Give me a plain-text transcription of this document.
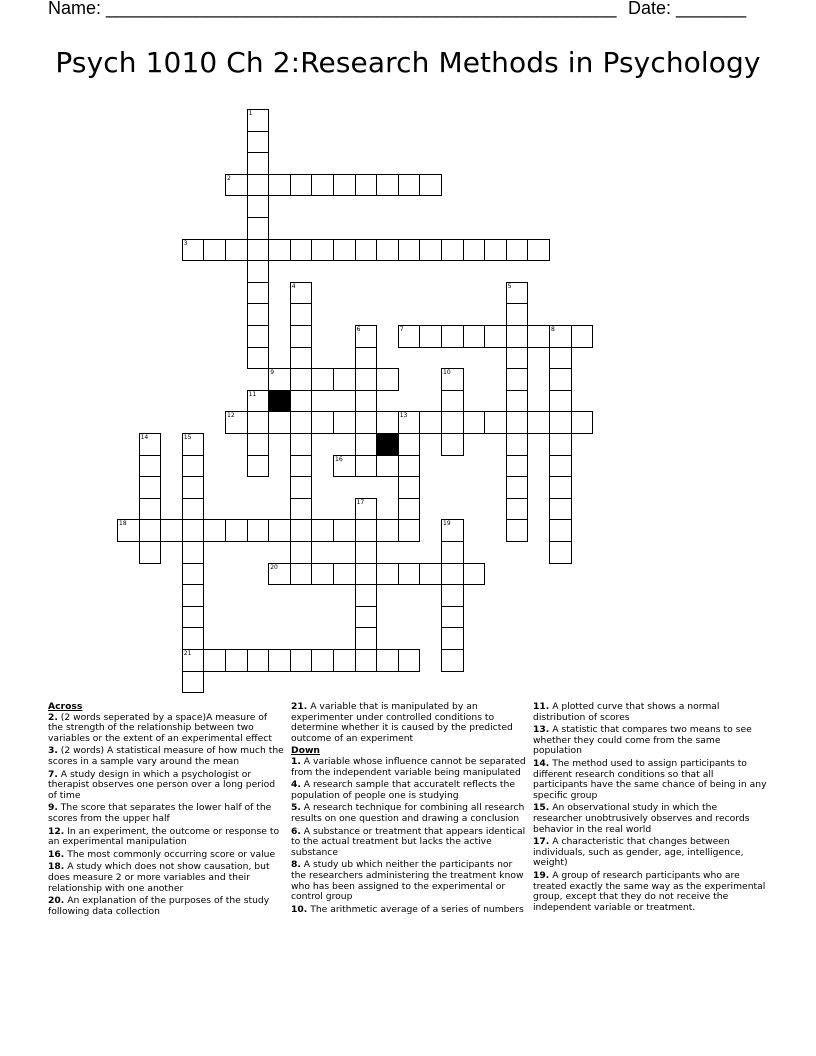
Name: ___________________________________________________ Date: _______
Psych 1010 Ch 2:Research Methods in Psychology
1
2
3
4	5
6	7	8
9	10
11
12	13
14	15
21
16
17
18	19
20
Across
2. (2 words seperated by a space)A measure of the strength of the relationship between two variables or the extent of an experimental effect
3. (2 words) A statistical measure of how much the scores in a sample vary around the mean
7. A study design in which a psychologist or therapist observes one person over a long period of time
9. The score that separates the lower half of the scores from the upper half
12. In an experiment, the outcome or response to an experimental manipulation
16. The most commonly occurring score or value
18. A study which does not show causation, but does measure 2 or more variables and their relationship with one another
20. An explanation of the purposes of the study following data collection
21. A variable that is manipulated by an experimenter under controlled conditions to determine whether it is caused by the predicted outcome of an experiment
Down
1. A variable whose influence cannot be separated from the independent variable being manipulated
4. A research sample that accuratelt reflects the population of people one is studying
5. A research technique for combining all research results on one question and drawing a conclusion
6. A substance or treatment that appears identical to the actual treatment but lacks the active substance
8. A study ub which neither the participants nor the researchers administering the treatment know who has been assigned to the experimental or control group
10. The arithmetic average of a series of numbers
11. A plotted curve that shows a normal distribution of scores
13. A statistic that compares two means to see whether they could come from the same population
14. The method used to assign participants to different research conditions so that all participants have the same chance of being in any specific group
15. An observational study in which the researcher unobtrusively observes and records behavior in the real world
17. A characteristic that changes between individuals, such as gender, age, intelligence, weight)
19. A group of research participants who are treated exactly the same way as the experimental group, except that they do not receive the independent variable or treatment.
